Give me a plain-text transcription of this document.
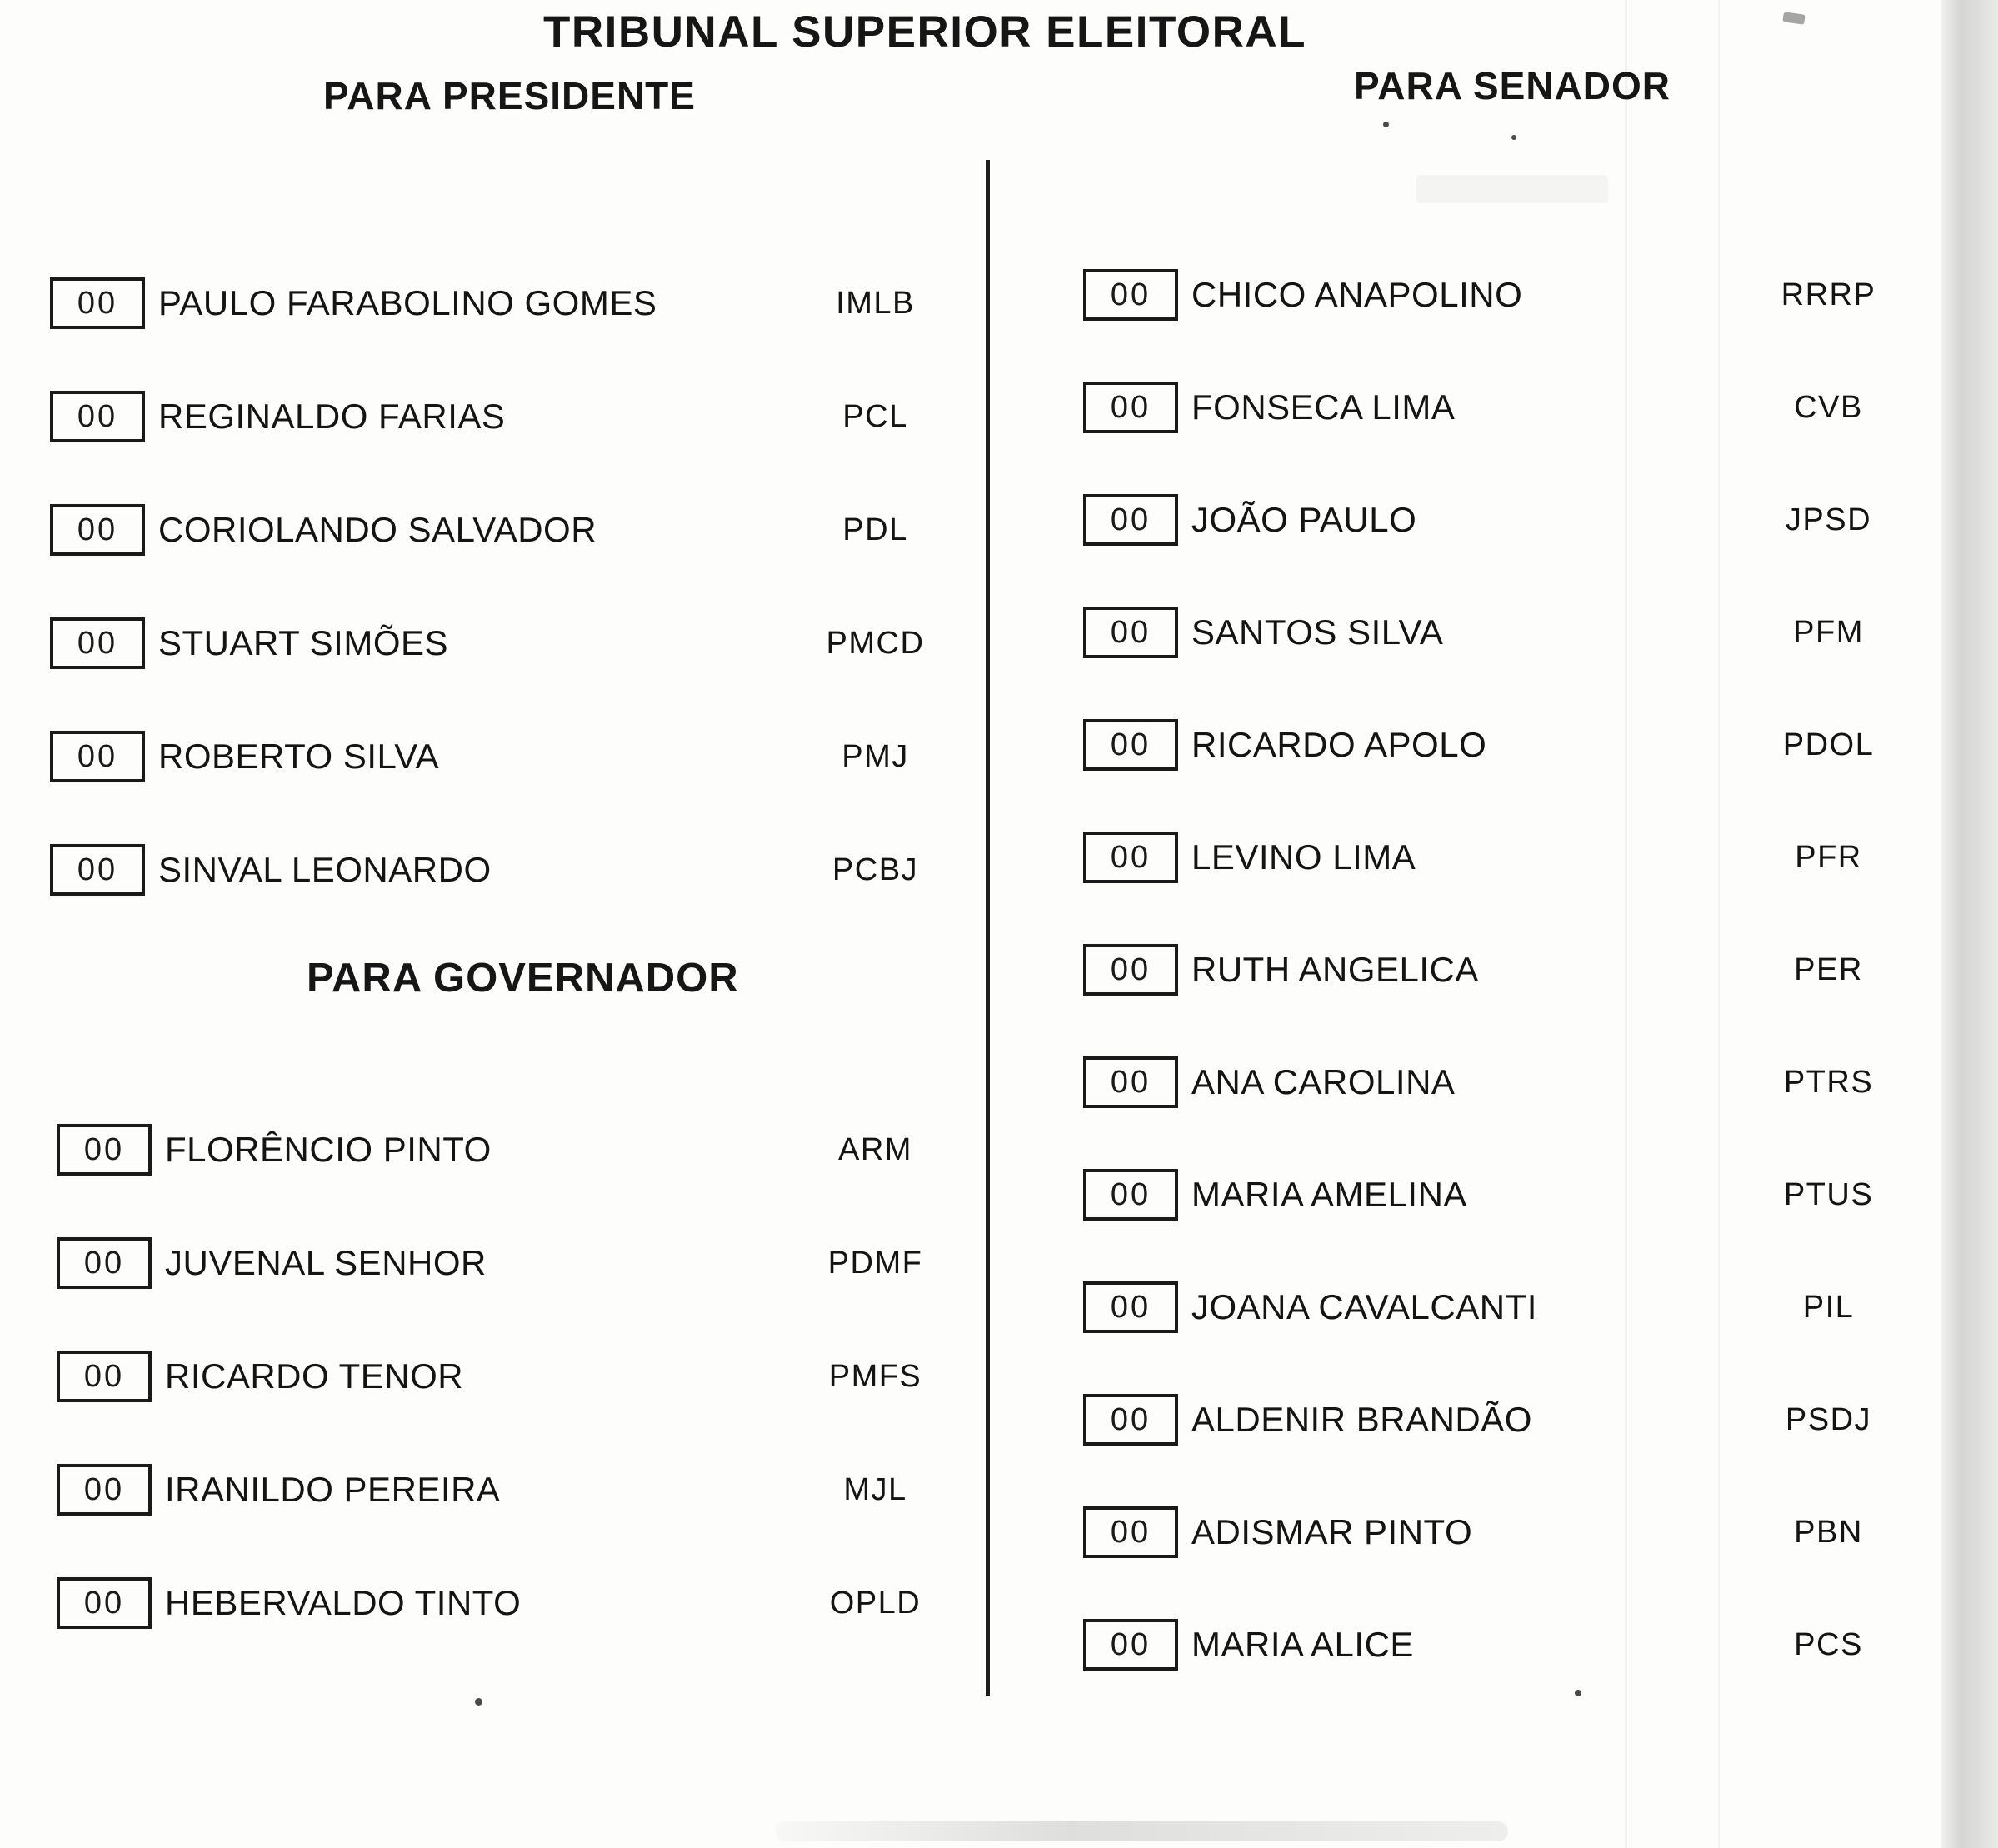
TRIBUNAL SUPERIOR ELEITORAL
PARA PRESIDENTE	PARA SENADOR
00	PAULO FARABOLINO GOMES	IMLB
00	REGINALDO FARIAS	PCL
00	CORIOLANDO SALVADOR	PDL
00	STUART SIMÕES	PMCD
00	ROBERTO SILVA	PMJ
00	SINVAL LEONARDO	PCBJ
PARA GOVERNADOR
00	FLORÊNCIO PINTO	ARM
00	JUVENAL SENHOR	PDMF
00	RICARDO TENOR	PMFS
00	IRANILDO PEREIRA	MJL
00	HEBERVALDO TINTO	OPLD
00	CHICO ANAPOLINO	RRRP
00	FONSECA LIMA	CVB
00	JOÃO PAULO	JPSD
00	SANTOS SILVA	PFM
00	RICARDO APOLO	PDOL
00	LEVINO LIMA	PFR
00	RUTH ANGELICA	PER
00	ANA CAROLINA	PTRS
00	MARIA AMELINA	PTUS
00	JOANA CAVALCANTI	PIL
00	ALDENIR BRANDÃO	PSDJ
00	ADISMAR PINTO	PBN
00	MARIA ALICE	PCS
